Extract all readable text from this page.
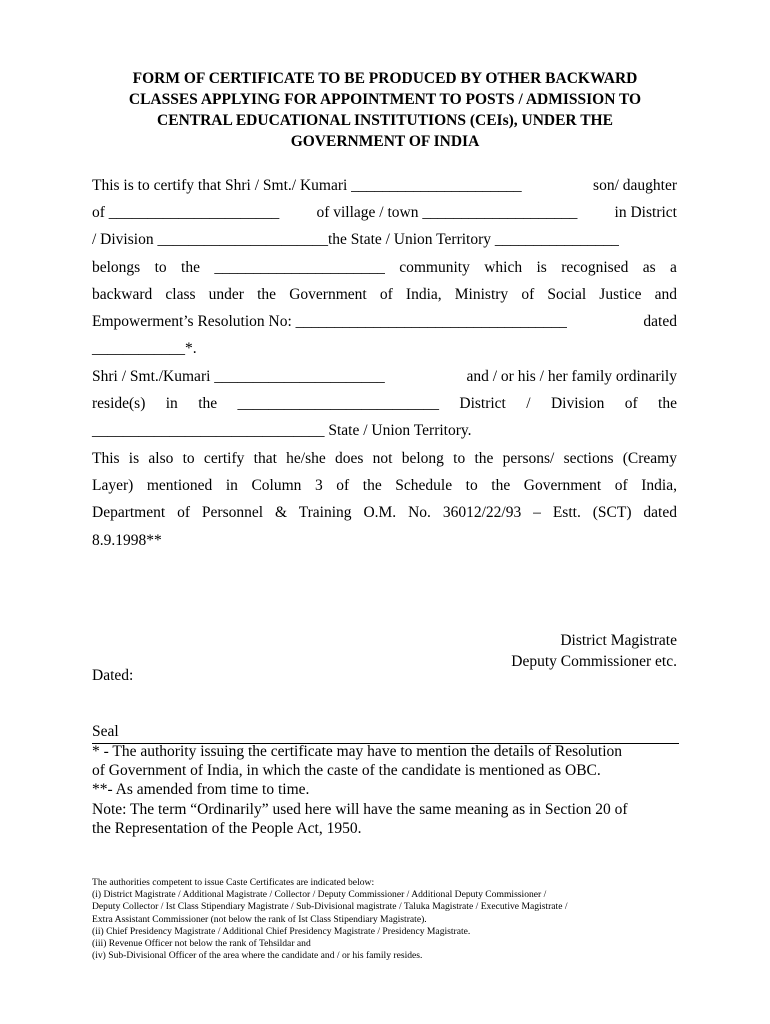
FORM OF CERTIFICATE TO BE PRODUCED BY OTHER BACKWARD
CLASSES APPLYING FOR APPOINTMENT TO POSTS / ADMISSION TO
CENTRAL EDUCATIONAL INSTITUTIONS (CEIs), UNDER THE
GOVERNMENT OF INDIA
This is to certify that Shri / Smt./ Kumari ______________________	son/ daughter
of ______________________ of village / town ____________________ in District
/ Division ______________________the State / Union Territory ________________
belongs to the ______________________ community which is recognised as a
backward class under the Government of India, Ministry of Social Justice and
Empowerment’s Resolution No: ___________________________________	dated
____________*.
Shri / Smt./Kumari ______________________	and / or his / her family ordinarily
reside(s) in the __________________________ District / Division of the
______________________________ State / Union Territory.
This is also to certify that he/she does not belong to the persons/ sections (Creamy
Layer) mentioned in Column 3 of the Schedule to the Government of India,
Department of Personnel & Training O.M. No. 36012/22/93 – Estt. (SCT) dated
8.9.1998**
District Magistrate
Deputy Commissioner etc.
Dated:
Seal
* - The authority issuing the certificate may have to mention the details of Resolution
of Government of India, in which the caste of the candidate is mentioned as OBC.
**- As amended from time to time.
Note: The term “Ordinarily” used here will have the same meaning as in Section 20 of
the Representation of the People Act, 1950.
The authorities competent to issue Caste Certificates are indicated below:
(i) District Magistrate / Additional Magistrate / Collector / Deputy Commissioner / Additional Deputy Commissioner /
Deputy Collector / Ist Class Stipendiary Magistrate / Sub-Divisional magistrate / Taluka Magistrate / Executive Magistrate /
Extra Assistant Commissioner (not below the rank of Ist Class Stipendiary Magistrate).
(ii) Chief Presidency Magistrate / Additional Chief Presidency Magistrate / Presidency Magistrate.
(iii) Revenue Officer not below the rank of Tehsildar and
(iv) Sub-Divisional Officer of the area where the candidate and / or his family resides.
